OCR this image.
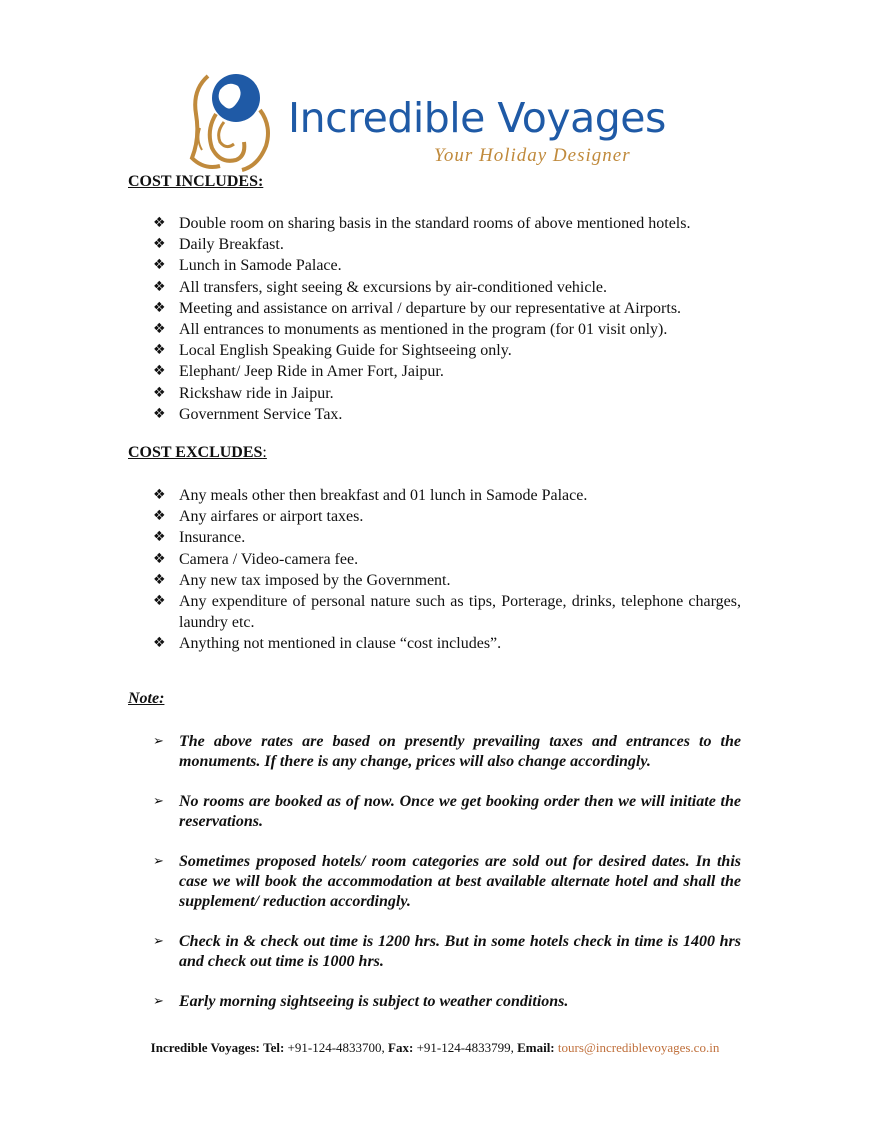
Incredible Voyages
Your Holiday Designer
COST INCLUDES:
❖ Double room on sharing basis in the standard rooms of above mentioned hotels.
❖ Daily Breakfast.
❖ Lunch in Samode Palace.
❖ All transfers, sight seeing & excursions by air-conditioned vehicle.
❖ Meeting and assistance on arrival / departure by our representative at Airports.
❖ All entrances to monuments as mentioned in the program (for 01 visit only).
❖ Local English Speaking Guide for Sightseeing only.
❖ Elephant/ Jeep Ride in Amer Fort, Jaipur.
❖ Rickshaw ride in Jaipur.
❖ Government Service Tax.
COST EXCLUDES:
❖ Any meals other then breakfast and 01 lunch in Samode Palace.
❖ Any airfares or airport taxes.
❖ Insurance.
❖ Camera / Video-camera fee.
❖ Any new tax imposed by the Government.
❖ Any expenditure of personal nature such as tips, Porterage, drinks, telephone charges, laundry etc.
❖ Anything not mentioned in clause “cost includes”.
Note:
➢ The above rates are based on presently prevailing taxes and entrances to the monuments. If there is any change, prices will also change accordingly.
➢ No rooms are booked as of now. Once we get booking order then we will initiate the reservations.
➢ Sometimes proposed hotels/ room categories are sold out for desired dates. In this case we will book the accommodation at best available alternate hotel and shall the supplement/ reduction accordingly.
➢ Check in & check out time is 1200 hrs. But in some hotels check in time is 1400 hrs and check out time is 1000 hrs.
➢ Early morning sightseeing is subject to weather conditions.
Incredible Voyages: Tel: +91-124-4833700, Fax: +91-124-4833799, Email: tours@incrediblevoyages.co.in
